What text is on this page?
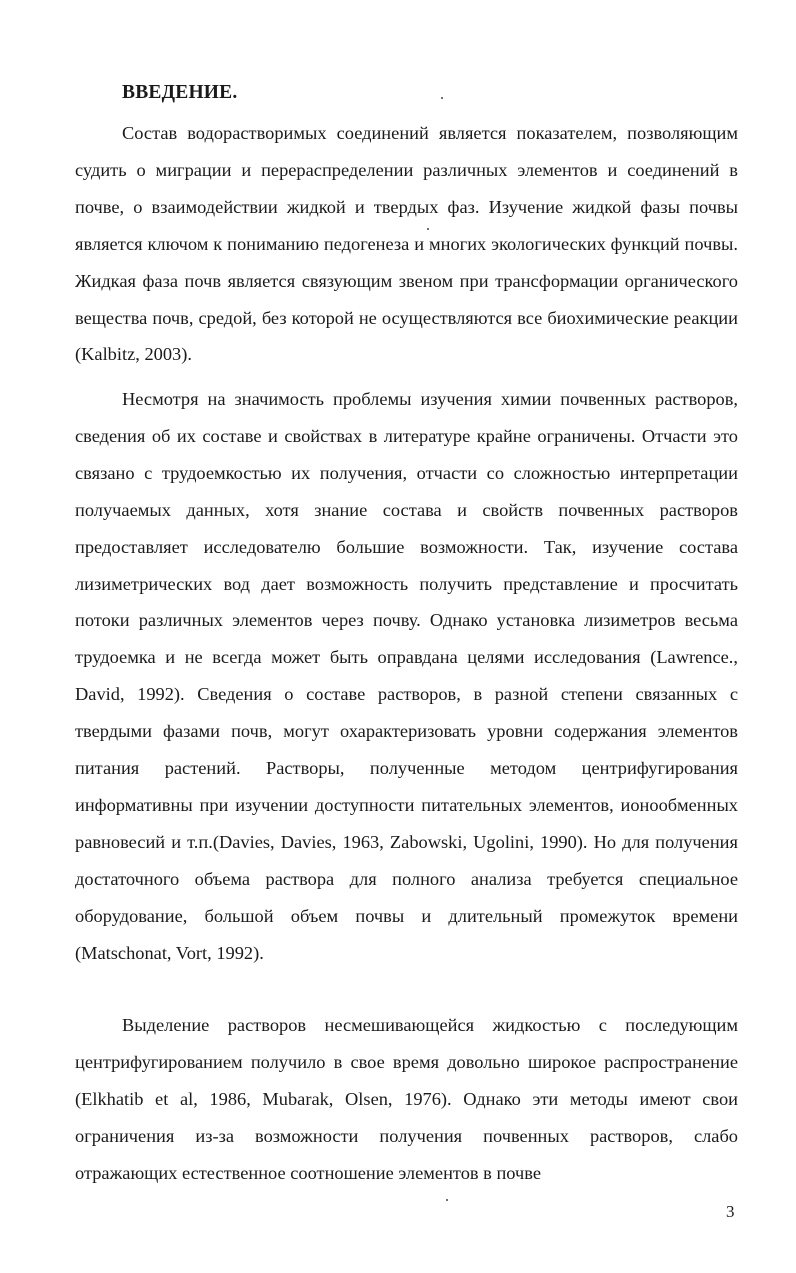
ВВЕДЕНИЕ.

Состав водорастворимых соединений является показателем, позволяющим судить о миграции и перераспределении различных элементов и соединений в почве, о взаимодействии жидкой и твердых фаз. Изучение жидкой фазы почвы является ключом к пониманию педогенеза и многих экологических функций почвы. Жидкая фаза почв является связующим звеном при трансформации органического вещества почв, средой, без которой не осуществляются все биохимические реакции (Kalbitz, 2003).

Несмотря на значимость проблемы изучения химии почвенных растворов, сведения об их составе и свойствах в литературе крайне ограничены. Отчасти это связано с трудоемкостью их получения, отчасти со сложностью интерпретации получаемых данных, хотя знание состава и свойств почвенных растворов предоставляет исследователю большие возможности. Так, изучение состава лизиметрических вод дает возможность получить представление и просчитать потоки различных элементов через почву. Однако установка лизиметров весьма трудоемка и не всегда может быть оправдана целями исследования (Lawrence., David, 1992). Сведения о составе растворов, в разной степени связанных с твердыми фазами почв, могут охарактеризовать уровни содержания элементов питания растений. Растворы, полученные методом центрифугирования информативны при изучении доступности питательных элементов, ионообменных равновесий и т.п.(Davies, Davies, 1963, Zabowski, Ugolini, 1990). Но для получения достаточного объема раствора для полного анализа требуется специальное оборудование, большой объем почвы и длительный промежуток времени (Matschonat, Vort, 1992).

Выделение растворов несмешивающейся жидкостью с последующим центрифугированием получило в свое время довольно широкое распространение (Elkhatib et al, 1986, Mubarak, Olsen, 1976). Однако эти методы имеют свои ограничения из-за возможности получения почвенных растворов, слабо отражающих естественное соотношение элементов в почве

3
